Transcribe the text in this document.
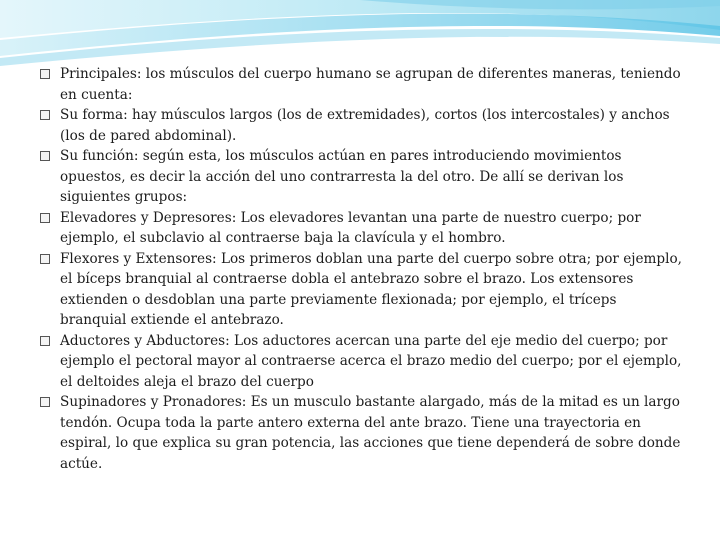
Principales: los músculos del cuerpo humano se agrupan de diferentes maneras, teniendo en cuenta:
Su forma: hay músculos largos (los de extremidades), cortos (los intercostales) y anchos (los de pared abdominal).
Su función: según esta, los músculos actúan en pares introduciendo movimientos opuestos, es decir la acción del uno contrarresta la del otro. De allí se derivan los siguientes grupos:
Elevadores y Depresores: Los elevadores levantan una parte de nuestro cuerpo; por ejemplo, el subclavio al contraerse baja la clavícula y el hombro.
Flexores y Extensores: Los primeros doblan una parte del cuerpo sobre otra; por ejemplo, el bíceps branquial al contraerse dobla el antebrazo sobre el brazo. Los extensores extienden o desdoblan una parte previamente flexionada; por ejemplo, el tríceps branquial extiende el antebrazo.
Aductores y Abductores: Los aductores acercan una parte del eje medio del cuerpo; por ejemplo el pectoral mayor al contraerse acerca el brazo medio del cuerpo; por el ejemplo, el deltoides aleja el brazo del cuerpo
Supinadores y Pronadores: Es un musculo bastante alargado, más de la mitad es un largo tendón. Ocupa toda la parte antero externa del ante brazo. Tiene una trayectoria en espiral, lo que explica su gran potencia, las acciones que tiene dependerá de sobre donde actúe.
